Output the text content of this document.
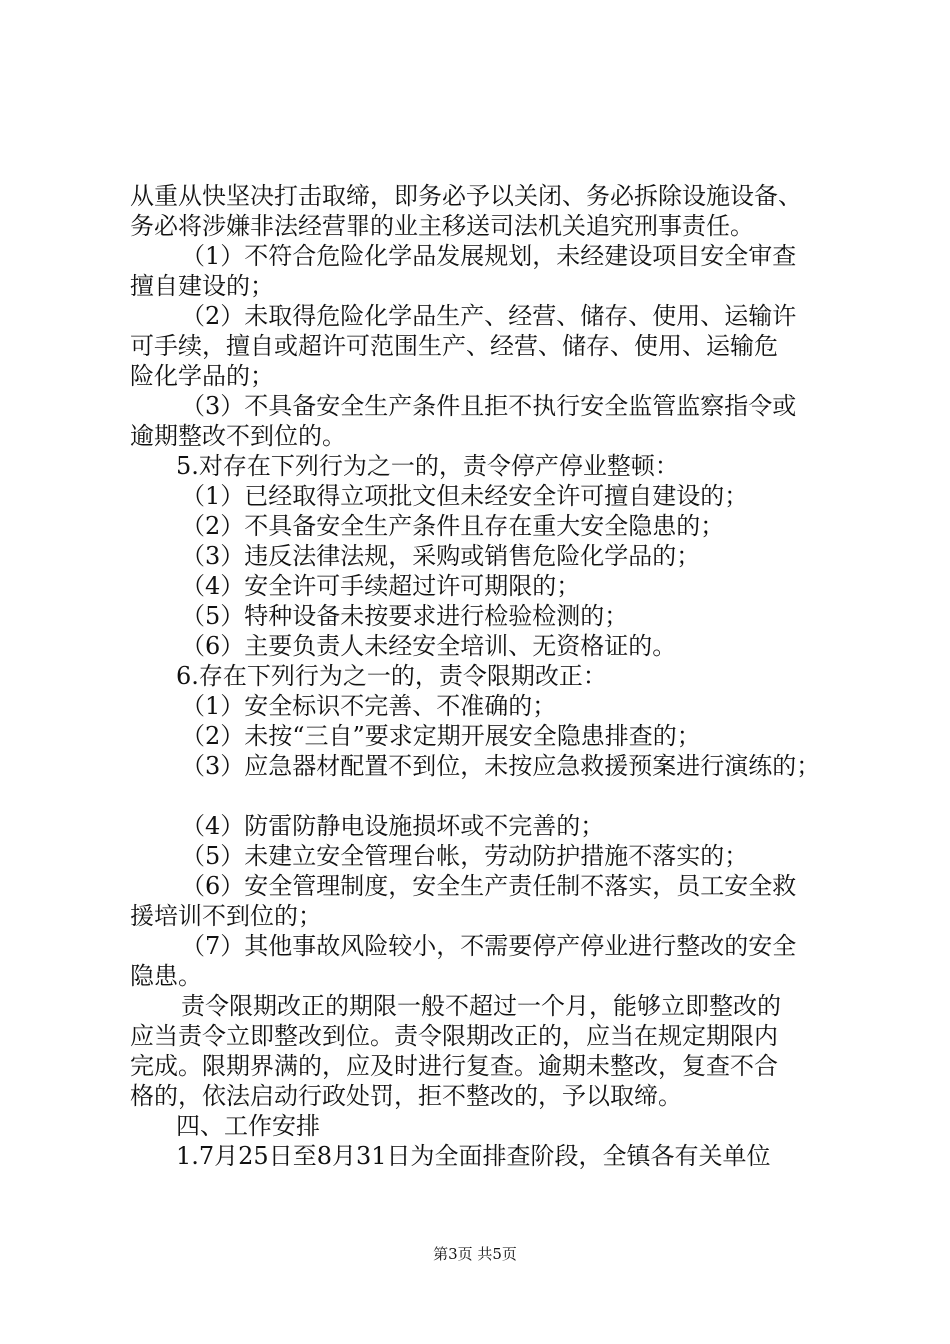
从重从快坚决打击取缔，即务必予以关闭、务必拆除设施设备、
务必将涉嫌非法经营罪的业主移送司法机关追究刑事责任。
（1）不符合危险化学品发展规划，未经建设项目安全审查
擅自建设的；
（2）未取得危险化学品生产、经营、储存、使用、运输许
可手续，擅自或超许可范围生产、经营、储存、使用、运输危
险化学品的；
（3）不具备安全生产条件且拒不执行安全监管监察指令或
逾期整改不到位的。
5.对存在下列行为之一的，责令停产停业整顿：
（1）已经取得立项批文但未经安全许可擅自建设的；
（2）不具备安全生产条件且存在重大安全隐患的；
（3）违反法律法规，采购或销售危险化学品的；
（4）安全许可手续超过许可期限的；
（5）特种设备未按要求进行检验检测的；
（6）主要负责人未经安全培训、无资格证的。
6.存在下列行为之一的，责令限期改正：
（1）安全标识不完善、不准确的；
（2）未按“三自”要求定期开展安全隐患排查的；
（3）应急器材配置不到位，未按应急救援预案进行演练的；
（4）防雷防静电设施损坏或不完善的；
（5）未建立安全管理台帐，劳动防护措施不落实的；
（6）安全管理制度，安全生产责任制不落实，员工安全救
援培训不到位的；
（7）其他事故风险较小，不需要停产停业进行整改的安全
隐患。
责令限期改正的期限一般不超过一个月，能够立即整改的
应当责令立即整改到位。责令限期改正的，应当在规定期限内
完成。限期界满的，应及时进行复查。逾期未整改，复查不合
格的，依法启动行政处罚，拒不整改的，予以取缔。
四、工作安排
1.7月25日至8月31日为全面排查阶段，全镇各有关单位
第3页 共5页
